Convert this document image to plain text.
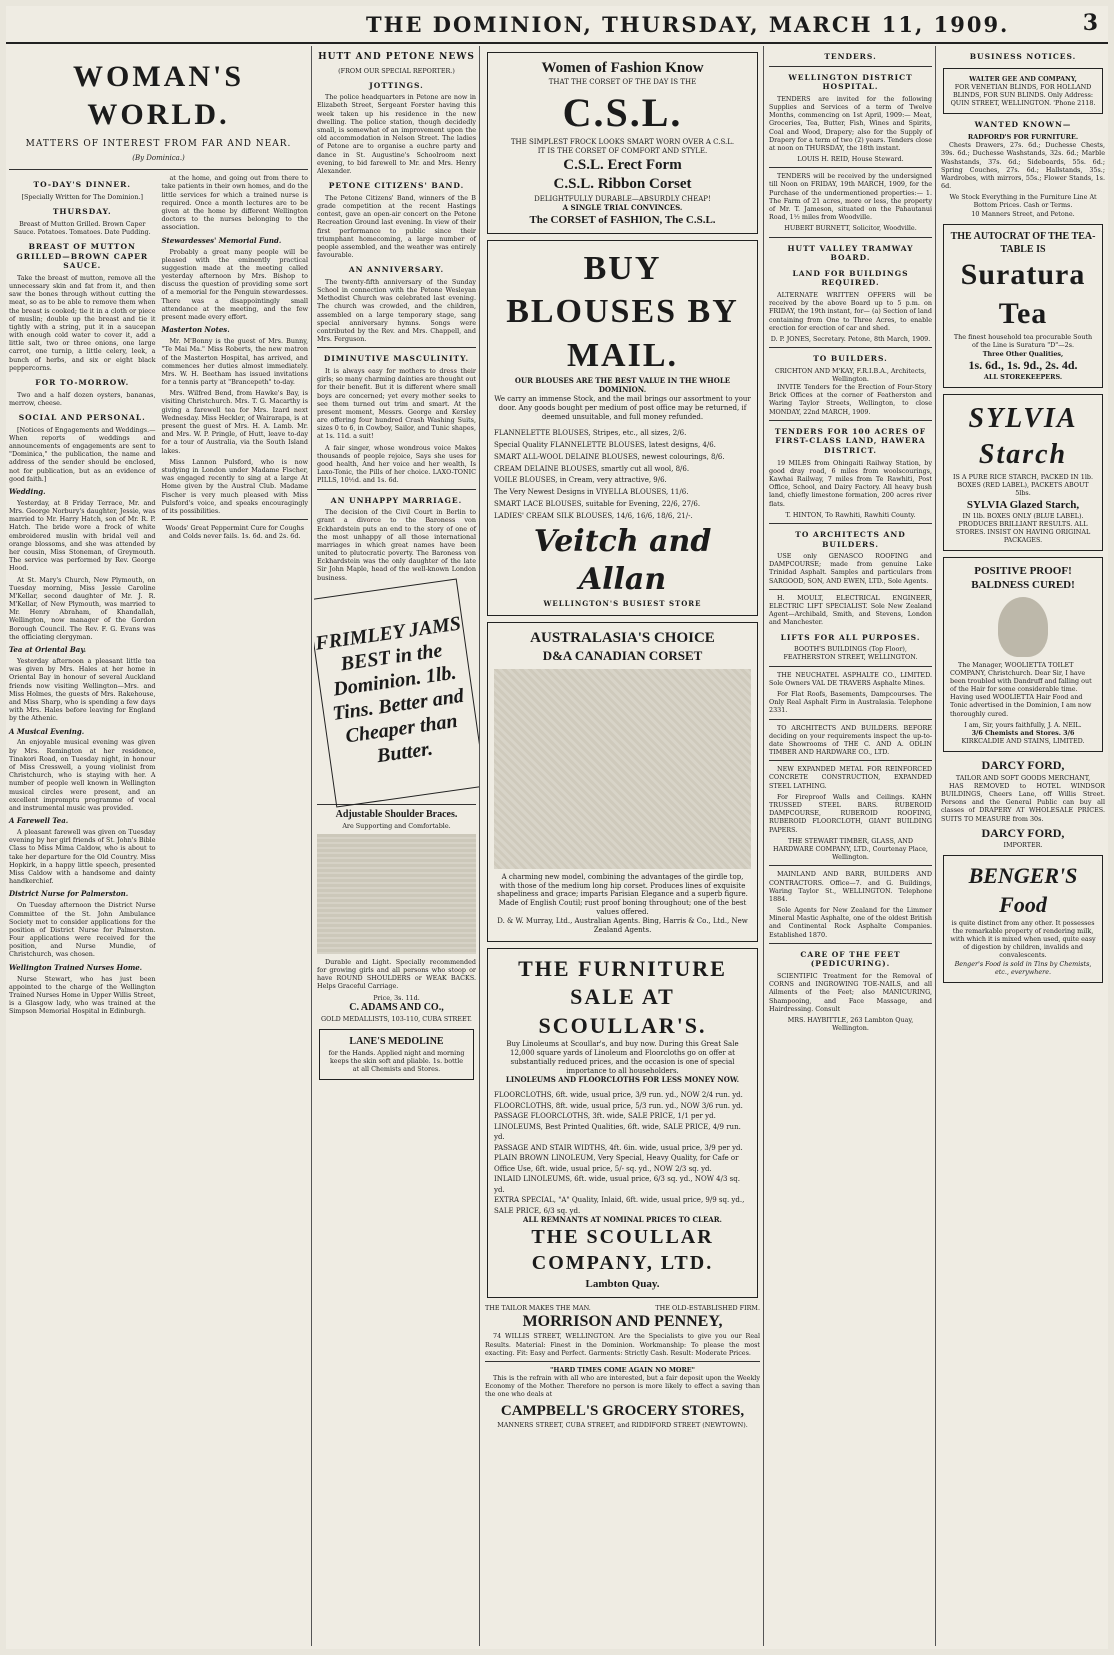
THE DOMINION, THURSDAY, MARCH 11, 1909.	3
WOMAN'S WORLD.
MATTERS OF INTEREST FROM FAR AND NEAR.
(By Dominica.)
TO-DAY'S DINNER.
[Specially Written for The Dominion.]
THURSDAY.
Breast of Mutton Grilled. Brown Caper Sauce. Potatoes. Tomatoes. Date Pudding.
BREAST OF MUTTON GRILLED—BROWN CAPER SAUCE.

Take the breast of mutton, remove all the unnecessary skin and fat from it, and then saw the bones through without cutting the meat, so as to be able to remove them when the breast is cooked; tie it in a cloth or piece of muslin; double up the breast and tie it tightly with a string, put it in a saucepan with enough cold water to cover it, add a little salt, two or three onions, one large carrot, one turnip, a little celery, leek, a bunch of herbs, and six or eight black peppercorns.

FOR TO-MORROW.

Two and a half dozen oysters, bananas, merrow, cheese.

SOCIAL AND PERSONAL.

[Notices of Engagements and Weddings.—When reports of weddings and announcements of engagements are sent to "Dominica," the publication, the name and address of the sender should be enclosed, not for publication, but as an evidence of good faith.]

Wedding.

Yesterday, at 8 Friday Terrace, Mr. and Mrs. George Norbury's daughter, Jessie, was married to Mr. Harry Hatch, son of Mr. R. P. Hatch. The bride wore a frock of white embroidered muslin with bridal veil and orange blossoms, and she was attended by her cousin, Miss Stoneman, of Greymouth. The service was performed by Rev. George Hood.

At St. Mary's Church, New Plymouth, on Tuesday morning, Miss Jessie Caroline M'Kellar, second daughter of Mr. J. R. M'Kellar, of New Plymouth, was married to Mr. Henry Abraham, of Khandallah, Wellington, now manager of the Gordon Borough Council. The Rev. F. G. Evans was the officiating clergyman.

Tea at Oriental Bay.

Yesterday afternoon a pleasant little tea was given by Mrs. Hales at her home in Oriental Bay in honour of several Auckland friends now visiting Wellington—Mrs. and Miss Holmes, the guests of Mrs. Rakehouse, and Miss Sharp, who is spending a few days with Mrs. Hales before leaving for England by the Athenic.

A Musical Evening.

An enjoyable musical evening was given by Mrs. Remington at her residence, Tinakori Road, on Tuesday night, in honour of Miss Cresswell, a young violinist from Christchurch, who is staying with her. A number of people well known in Wellington musical circles were present, and an excellent impromptu programme of vocal and instrumental music was provided.

A Farewell Tea.

A pleasant farewell was given on Tuesday evening by her girl friends of St. John's Bible Class to Miss Mima Caldow, who is about to take her departure for the Old Country. Miss Hopkirk, in a happy little speech, presented Miss Caldow with a handsome and dainty handkerchief.

District Nurse for Palmerston.

On Tuesday afternoon the District Nurse Committee of the St. John Ambulance Society met to consider applications for the position of District Nurse for Palmerston. Four applications were received for the position, and Nurse Mundie, of Christchurch, was chosen.

Wellington Trained Nurses Home.

Nurse Stewart, who has just been appointed to the charge of the Wellington Trained Nurses Home in Upper Willis Street, is a Glasgow lady, who was trained at the Simpson Memorial Hospital in Edinburgh.

at the home, and going out from there to take patients in their own homes, and do the little services for which a trained nurse is required. Once a month lectures are to be given at the home by different Wellington doctors to the nurses belonging to the association.

Stewardesses' Memorial Fund.

Probably a great many people will be pleased with the eminently practical suggestion made at the meeting called yesterday afternoon by Mrs. Bishop to discuss the question of providing some sort of a memorial for the Penguin stewardesses. There was a disappointingly small attendance at the meeting, and the few present made every effort.

Masterton Notes.

Mr. M'Bonny is the guest of Mrs. Bunny, "Te Mai Ma." Miss Roberts, the new matron of the Masterton Hospital, has arrived, and commences her duties almost immediately. Mrs. W. H. Beetham has issued invitations for a tennis party at "Brancepeth" to-day.

Mrs. Wilfred Bend, from Hawke's Bay, is visiting Christchurch. Mrs. T. G. Macarthy is giving a farewell tea for Mrs. Izard next Wednesday. Miss Heckler, of Wairarapa, is at present the guest of Mrs. H. A. Lamb. Mr. and Mrs. W. P. Pringle, of Hutt, leave to-day for a tour of Australia, via the South Island lakes.

Miss Lannon Pulsford, who is now studying in London under Madame Fischer, was engaged recently to sing at a large At Home given by the Austral Club. Madame Fischer is very much pleased with Miss Pulsford's voice, and speaks encouragingly of its possibilities.

Woods' Great Peppermint Cure for Coughs and Colds never fails. 1s. 6d. and 2s. 6d.
HUTT AND PETONE NEWS
(FROM OUR SPECIAL REPORTER.)
JOTTINGS.

The police headquarters in Petone are now in Elizabeth Street, Sergeant Forster having this week taken up his residence in the new dwelling. The police station, though decidedly small, is somewhat of an improvement upon the old accommodation in Nelson Street. The ladies of Petone are to organise a euchre party and dance in St. Augustine's Schoolroom next evening, to bid farewell to Mr. and Mrs. Henry Alexander.

PETONE CITIZENS' BAND.

The Petone Citizens' Band, winners of the B grade competition at the recent Hastings contest, gave an open-air concert on the Petone Recreation Ground last evening. In view of their first performance to public since their triumphant homecoming, a large number of people assembled, and the weather was entirely favourable.

AN ANNIVERSARY.

The twenty-fifth anniversary of the Sunday School in connection with the Petone Wesleyan Methodist Church was celebrated last evening. The church was crowded, and the children, assembled on a large temporary stage, sang special anniversary hymns. Songs were contributed by the Rev. and Mrs. Chappell, and Mrs. Ferguson.

DIMINUTIVE MASCULINITY.

It is always easy for mothers to dress their girls; so many charming dainties are thought out for their benefit. But it is different where small boys are concerned; yet every mother seeks to see them turned out trim and smart. At the present moment, Messrs. George and Kersley are offering four hundred Crash Washing Suits, sizes 0 to 6, in Cowboy, Sailor, and Tunic shapes, at 1s. 11d. a suit!

A fair singer, whose wondrous voice Makes thousands of people rejoice, Says she uses for good health, And her voice and her wealth, Is Laxo-Tonic, the Pills of her choice. LAXO-TONIC PILLS, 10½d. and 1s. 6d.

AN UNHAPPY MARRIAGE.

The decision of the Civil Court in Berlin to grant a divorce to the Baroness von Eckhardstein puts an end to the story of one of the most unhappy of all those international marriages in which great names have been united to plutocratic poverty. The Baroness von Eckhardstein was the only daughter of the late Sir John Maple, head of the well-known London business.

FRIMLEY JAMS BEST in the Dominion. 1lb. Tins. Better and Cheaper than Butter.
Adjustable Shoulder Braces.
Are Supporting and Comfortable.

Durable and Light. Specially recommended for growing girls and all persons who stoop or have ROUND SHOULDERS or WEAK BACKS. Helps Graceful Carriage.

Price, 3s. 11d.
C. ADAMS AND CO.,
GOLD MEDALLISTS, 103-110, CUBA STREET.
LANE'S MEDOLINE
for the Hands. Applied night and morning keeps the skin soft and pliable. 1s. bottle at all Chemists and Stores.
Women of Fashion Know
THAT THE CORSET OF THE DAY IS THE
C.S.L.
THE SIMPLEST FROCK LOOKS SMART WORN OVER A C.S.L.
IT IS THE CORSET OF COMFORT AND STYLE.
C.S.L. Erect Form
C.S.L. Ribbon Corset
DELIGHTFULLY DURABLE—ABSURDLY CHEAP!
A SINGLE TRIAL CONVINCES.
The CORSET of FASHION, The C.S.L.
BUY BLOUSES BY MAIL.
OUR BLOUSES ARE THE BEST VALUE IN THE WHOLE DOMINION.
We carry an immense Stock, and the mail brings our assortment to your door. Any goods bought per medium of post office may be returned, if deemed unsuitable, and full money refunded.
FLANNELETTE BLOUSES, Stripes, etc., all sizes, 2/6.
Special Quality FLANNELETTE BLOUSES, latest designs, 4/6.
SMART ALL-WOOL DELAINE BLOUSES, newest colourings, 8/6.
CREAM DELAINE BLOUSES, smartly cut all wool, 8/6.
VOILE BLOUSES, in Cream, very attractive, 9/6.
The Very Newest Designs in VIYELLA BLOUSES, 11/6.
SMART LACE BLOUSES, suitable for Evening, 22/6, 27/6.
LADIES' CREAM SILK BLOUSES, 14/6, 16/6, 18/6, 21/-.
Veitch and Allan
WELLINGTON'S BUSIEST STORE
AUSTRALASIA'S CHOICE
D&A CANADIAN CORSET
A charming new model, combining the advantages of the girdle top, with those of the medium long hip corset. Produces lines of exquisite shapeliness and grace; imparts Parisian Elegance and a superb figure. Made of English Coutil; rust proof boning throughout; one of the best values offered.
D. & W. Murray, Ltd., Australian Agents. Bing, Harris & Co., Ltd., New Zealand Agents.
THE FURNITURE SALE AT SCOULLAR'S.
Buy Linoleums at Scoullar's, and buy now. During this Great Sale 12,000 square yards of Linoleum and Floorcloths go on offer at substantially reduced prices, and the occasion is one of special importance to all householders.
LINOLEUMS AND FLOORCLOTHS FOR LESS MONEY NOW.
FLOORCLOTHS, 6ft. wide, usual price, 3/9 run. yd., NOW 2/4 run. yd.
FLOORCLOTHS, 8ft. wide, usual price, 5/3 run. yd., NOW 3/6 run. yd.
PASSAGE FLOORCLOTHS, 3ft. wide, SALE PRICE, 1/1 per yd.
LINOLEUMS, Best Printed Qualities, 6ft. wide, SALE PRICE, 4/9 run. yd.
PASSAGE AND STAIR WIDTHS, 4ft. 6in. wide, usual price, 3/9 per yd.
PLAIN BROWN LINOLEUM, Very Special, Heavy Quality, for Cafe or Office Use, 6ft. wide, usual price, 5/- sq. yd., NOW 2/3 sq. yd.
INLAID LINOLEUMS, 6ft. wide, usual price, 6/3 sq. yd., NOW 4/3 sq. yd.
EXTRA SPECIAL, "A" Quality, Inlaid, 6ft. wide, usual price, 9/9 sq. yd., SALE PRICE, 6/3 sq. yd.
ALL REMNANTS AT NOMINAL PRICES TO CLEAR.
THE SCOULLAR COMPANY, LTD.
Lambton Quay.
THE TAILOR MAKES THE MAN.	THE OLD-ESTABLISHED FIRM.
MORRISON AND PENNEY,

74 WILLIS STREET, WELLINGTON. Are the Specialists to give you our Real Results. Material: Finest in the Dominion. Workmanship: To please the most exacting. Fit: Easy and Perfect. Garments: Strictly Cash. Result: Moderate Prices.

"HARD TIMES COME AGAIN NO MORE"

This is the refrain with all who are interested, but a fair deposit upon the Weekly Economy of the Mother. Therefore no person is more likely to effect a saving than the one who deals at

CAMPBELL'S GROCERY STORES,
MANNERS STREET, CUBA STREET, and RIDDIFORD STREET (NEWTOWN).
TENDERS.
WELLINGTON DISTRICT HOSPITAL.

TENDERS are invited for the following Supplies and Services of a term of Twelve Months, commencing on 1st April, 1909:— Meat, Groceries, Tea, Butter, Fish, Wines and Spirits, Coal and Wood, Drapery; also for the Supply of Drapery for a term of two (2) years. Tenders close at noon on THURSDAY, the 18th instant.

LOUIS H. REID, House Steward.

TENDERS will be received by the undersigned till Noon on FRIDAY, 19th MARCH, 1909, for the Purchase of the undermentioned properties:— 1. The Farm of 21 acres, more or less, the property of Mr. T. Jameson, situated on the Pahautanui Road, 1½ miles from Woodville.

HUBERT BURNETT, Solicitor, Woodville.
HUTT VALLEY TRAMWAY BOARD.
LAND FOR BUILDINGS REQUIRED.

ALTERNATE WRITTEN OFFERS will be received by the above Board up to 5 p.m. on FRIDAY, the 19th instant, for— (a) Section of land containing from One to Three Acres, to enable erection for erection of car and shed.

D. P. JONES, Secretary. Petone, 8th March, 1909.
TO BUILDERS.
CRICHTON AND M'KAY, F.R.I.B.A., Architects, Wellington.

INVITE Tenders for the Erection of Four-Story Brick Offices at the corner of Featherston and Waring Taylor Streets, Wellington, to close MONDAY, 22nd MARCH, 1909.

TENDERS FOR 100 ACRES OF FIRST-CLASS LAND, HAWERA DISTRICT.

19 MILES from Ohingaiti Railway Station, by good dray road, 6 miles from woolscourings, Kawhai Railway, 7 miles from Te Rawhiti, Post Office, School, and Dairy Factory. All heavy bush land, chiefly limestone formation, 200 acres river flats.

T. HINTON, To Rawhiti, Rawhiti County.
TO ARCHITECTS AND BUILDERS.

USE only GENASCO ROOFING and DAMPCOURSE; made from genuine Lake Trinidad Asphalt. Samples and particulars from SARGOOD, SON, AND EWEN, LTD., Sole Agents.

H. MOULT, ELECTRICAL ENGINEER, ELECTRIC LIFT SPECIALIST. Sole New Zealand Agent—Archibald, Smith, and Stevens, London and Manchester.

LIFTS FOR ALL PURPOSES.
BOOTH'S BUILDINGS (Top Floor), FEATHERSTON STREET, WELLINGTON.

THE NEUCHATEL ASPHALTE CO., LIMITED. Sole Owners VAL DE TRAVERS Asphalte Mines.

For Flat Roofs, Basements, Dampcourses. The Only Real Asphalt Firm in Australasia. Telephone 2331.

TO ARCHITECTS AND BUILDERS. BEFORE deciding on your requirements inspect the up-to-date Showrooms of THE C. AND A. ODLIN TIMBER AND HARDWARE CO., LTD.

NEW EXPANDED METAL FOR REINFORCED CONCRETE CONSTRUCTION, EXPANDED STEEL LATHING.

For Fireproof Walls and Ceilings. KAHN TRUSSED STEEL BARS. RUBEROID DAMPCOURSE, RUBEROID ROOFING, RUBEROID FLOORCLOTH, GIANT BUILDING PAPERS.

THE STEWART TIMBER, GLASS, AND HARDWARE COMPANY, LTD., Courtenay Place, Wellington.

MAINLAND AND BARR, BUILDERS AND CONTRACTORS. Office—7. and G. Buildings, Waring Taylor St., WELLINGTON. Telephone 1884.

Sole Agents for New Zealand for the Limmer Mineral Mastic Asphalte, one of the oldest British and Continental Rock Asphalte Companies. Established 1870.

CARE OF THE FEET (PEDICURING).

SCIENTIFIC Treatment for the Removal of CORNS and INGROWING TOE-NAILS, and all Ailments of the Feet; also MANICURING, Shampooing, and Face Massage, and Hairdressing. Consult

MRS. HAYBITTLE, 263 Lambton Quay, Wellington.
BUSINESS NOTICES.
WALTER GEE AND COMPANY,
FOR VENETIAN BLINDS, FOR HOLLAND BLINDS, FOR SUN BLINDS. Only Address: QUIN STREET, WELLINGTON. 'Phone 2118.
WANTED KNOWN—
RADFORD'S FOR FURNITURE.

Chests Drawers, 27s. 6d.; Duchesse Chests, 39s. 6d.; Duchesse Washstands, 32s. 6d.; Marble Washstands, 37s. 6d.; Sideboards, 55s. 6d.; Spring Couches, 27s. 6d.; Hallstands, 35s.; Wardrobes, with mirrors, 55s.; Flower Stands, 1s. 6d.

We Stock Everything in the Furniture Line At Bottom Prices. Cash or Terms.
10 Manners Street, and Petone.
THE AUTOCRAT OF THE TEA-TABLE IS
Suratura Tea
The finest household tea procurable South of the Line is Suratura "D"—2s.
Three Other Qualities,
1s. 6d., 1s. 9d., 2s. 4d.
ALL STOREKEEPERS.
SYLVIA Starch
IS A PURE RICE STARCH, PACKED IN 1lb. BOXES (RED LABEL), PACKETS ABOUT 5lbs.
SYLVIA Glazed Starch,
IN 1lb. BOXES ONLY (BLUE LABEL). PRODUCES BRILLIANT RESULTS. ALL STORES. INSIST ON HAVING ORIGINAL PACKAGES.
POSITIVE PROOF! BALDNESS CURED!

The Manager, WOOLIETTA TOILET COMPANY, Christchurch. Dear Sir, I have been troubled with Dandruff and falling out of the Hair for some considerable time. Having used WOOLIETTA Hair Food and Tonic advertised in the Dominion, I am now thoroughly cured.

I am, Sir, yours faithfully, J. A. NEIL.
3/6 Chemists and Stores. 3/6
KIRKCALDIE AND STAINS, LIMITED.
DARCY FORD,
TAILOR AND SOFT GOODS MERCHANT,

HAS REMOVED to HOTEL WINDSOR BUILDINGS, Cheers Lane, off Willis Street. Persons and the General Public can buy all classes of DRAPERY AT WHOLESALE PRICES. SUITS TO MEASURE from 30s.

DARCY FORD,
IMPORTER.
BENGER'S Food
is quite distinct from any other. It possesses the remarkable property of rendering milk, with which it is mixed when used, quite easy of digestion by children, invalids and convalescents.
Benger's Food is sold in Tins by Chemists, etc., everywhere.
